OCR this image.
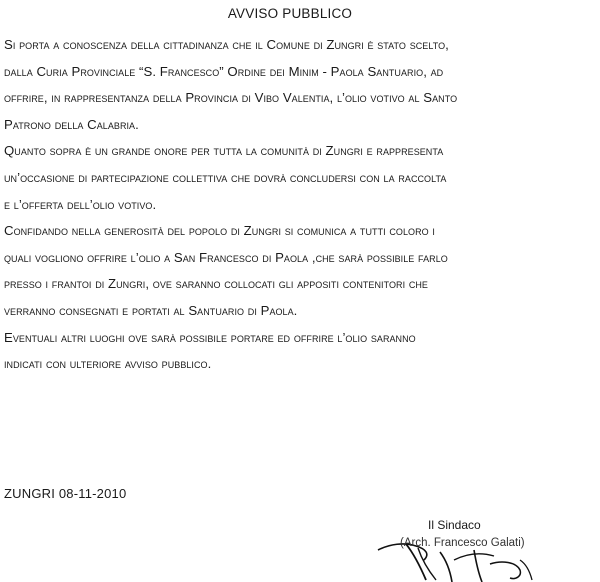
AVVISO PUBBLICO
Si porta a conoscenza della cittadinanza che il Comune di Zungri è stato scelto,
dalla Curia Provinciale “S. Francesco” Ordine dei Minim - Paola Santuario, ad
offrire, in rappresentanza della Provincia di Vibo Valentia, l’olio votivo al Santo
Patrono della Calabria.
Quanto sopra è un grande onore per tutta la comunità di Zungri e rappresenta
un’occasione di partecipazione collettiva che dovrà concludersi con la raccolta
e l’offerta dell’olio votivo.
Confidando nella generosità del popolo di Zungri si comunica a tutti coloro i
quali vogliono offrire l’olio a San Francesco di Paola ,che sarà possibile farlo
presso i frantoi di Zungri, ove saranno collocati gli appositi contenitori che
verranno consegnati e portati al Santuario di Paola.
Eventuali altri luoghi ove sarà possibile portare ed offrire l’olio saranno
indicati con ulteriore avviso pubblico.
ZUNGRI 08-11-2010
Il Sindaco
(Arch. Francesco Galati)
